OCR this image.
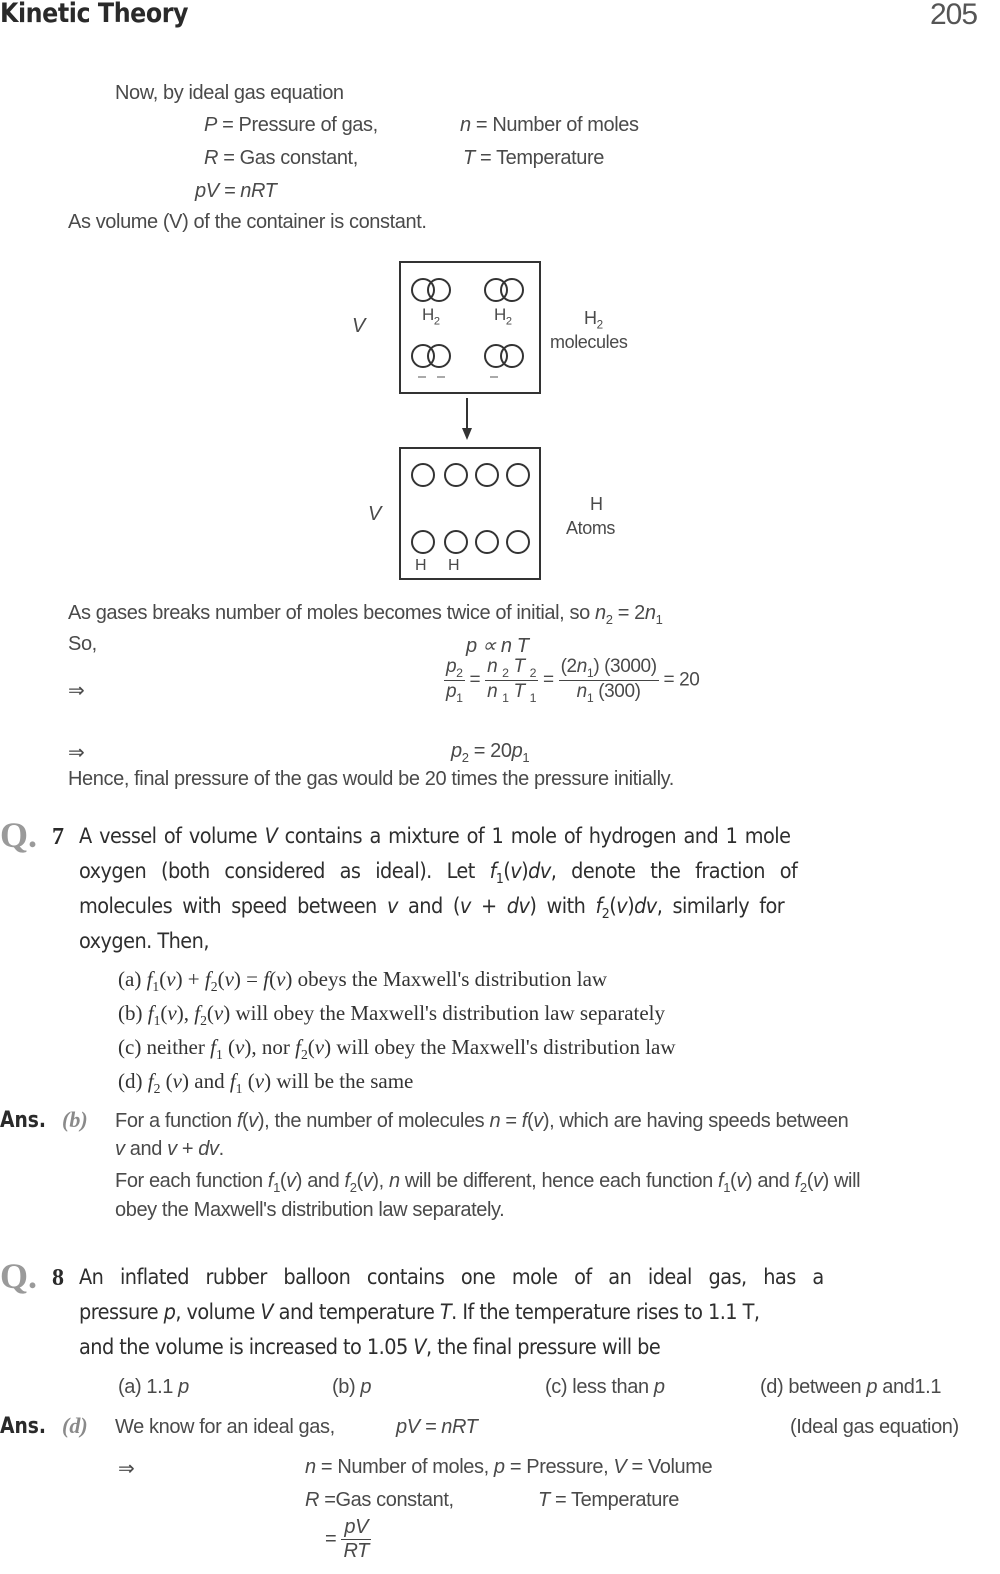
Kinetic Theory	205
Now, by ideal gas equation
P = Pressure of gas,	n = Number of moles
R = Gas constant,	T = Temperature
pV = nRT
As volume (V) of the container is constant.
V
$H_2$	$H_2$	$H_2$
molecules
V
H H
H
Atoms
As gases breaks number of moles becomes twice of initial, so $n_2 = 2n_1$
So,	p ∝ n T
⇒	$\frac{p_2}{p_1} = \frac{n _2 T _2}{n _1 T _1} = \frac{(2n_1) (3000)}{n_1 (300)} = 20$
⇒	$p_2 = 20p_1$
Hence, final pressure of the gas would be 20 times the pressure initially.
Q. 7 A vessel of volume V contains a mixture of 1 mole of hydrogen and 1 mole
oxygen (both considered as ideal). Let $f_1(v)dv$, denote the fraction of
molecules with speed between v and (v + dv) with $f_2(v)dv$, similarly for
oxygen. Then,
(a) $f_1(v) + f_2(v) = f(v)$ obeys the Maxwell's distribution law
(b) $f_1(v)$, $f_2(v)$ will obey the Maxwell's distribution law separately
(c) neither $f_1$ (v), nor $f_2(v)$ will obey the Maxwell's distribution law
(d) $f_2$ (v) and $f_1$ (v) will be the same
Ans. (b) For a function f(v), the number of molecules n = f(v), which are having speeds between
v and v + dv.
For each function $f_1(v)$ and $f_2(v)$, n will be different, hence each function $f_1(v)$ and $f_2(v)$ will
obey the Maxwell's distribution law separately.
Q. 8 An inflated rubber balloon contains one mole of an ideal gas, has a
pressure p, volume V and temperature T. If the temperature rises to 1.1 T,
and the volume is increased to 1.05 V, the final pressure will be
(a) 1.1 p	(b) p	(c) less than p	(d) between p and1.1
Ans. (d) We know for an ideal gas,	pV = nRT	(Ideal gas equation)
⇒	n = Number of moles, p = Pressure, V = Volume
R =Gas constant,	T = Temperature
= $\frac{pV}{RT}$
